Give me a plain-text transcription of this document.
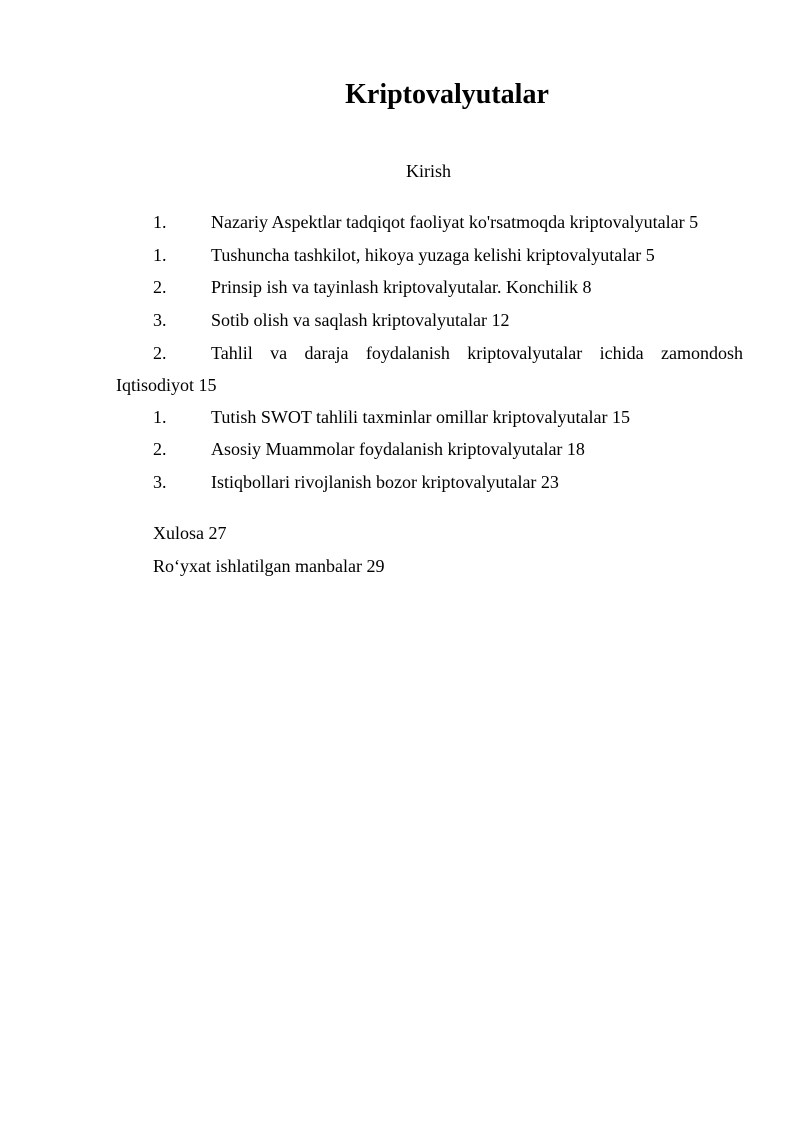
Kriptovalyutalar
Kirish
1. Nazariy Aspektlar tadqiqot faoliyat ko'rsatmoqda kriptovalyutalar 5
1. Tushuncha tashkilot, hikoya yuzaga kelishi kriptovalyutalar 5
2. Prinsip ish va tayinlash kriptovalyutalar. Konchilik 8
3. Sotib olish va saqlash kriptovalyutalar 12
2. Tahlil va daraja foydalanish kriptovalyutalar ichida zamondosh
Iqtisodiyot 15
1. Tutish SWOT tahlili taxminlar omillar kriptovalyutalar 15
2. Asosiy Muammolar foydalanish kriptovalyutalar 18
3. Istiqbollari rivojlanish bozor kriptovalyutalar 23
Xulosa 27
Ro‘yxat ishlatilgan manbalar 29
